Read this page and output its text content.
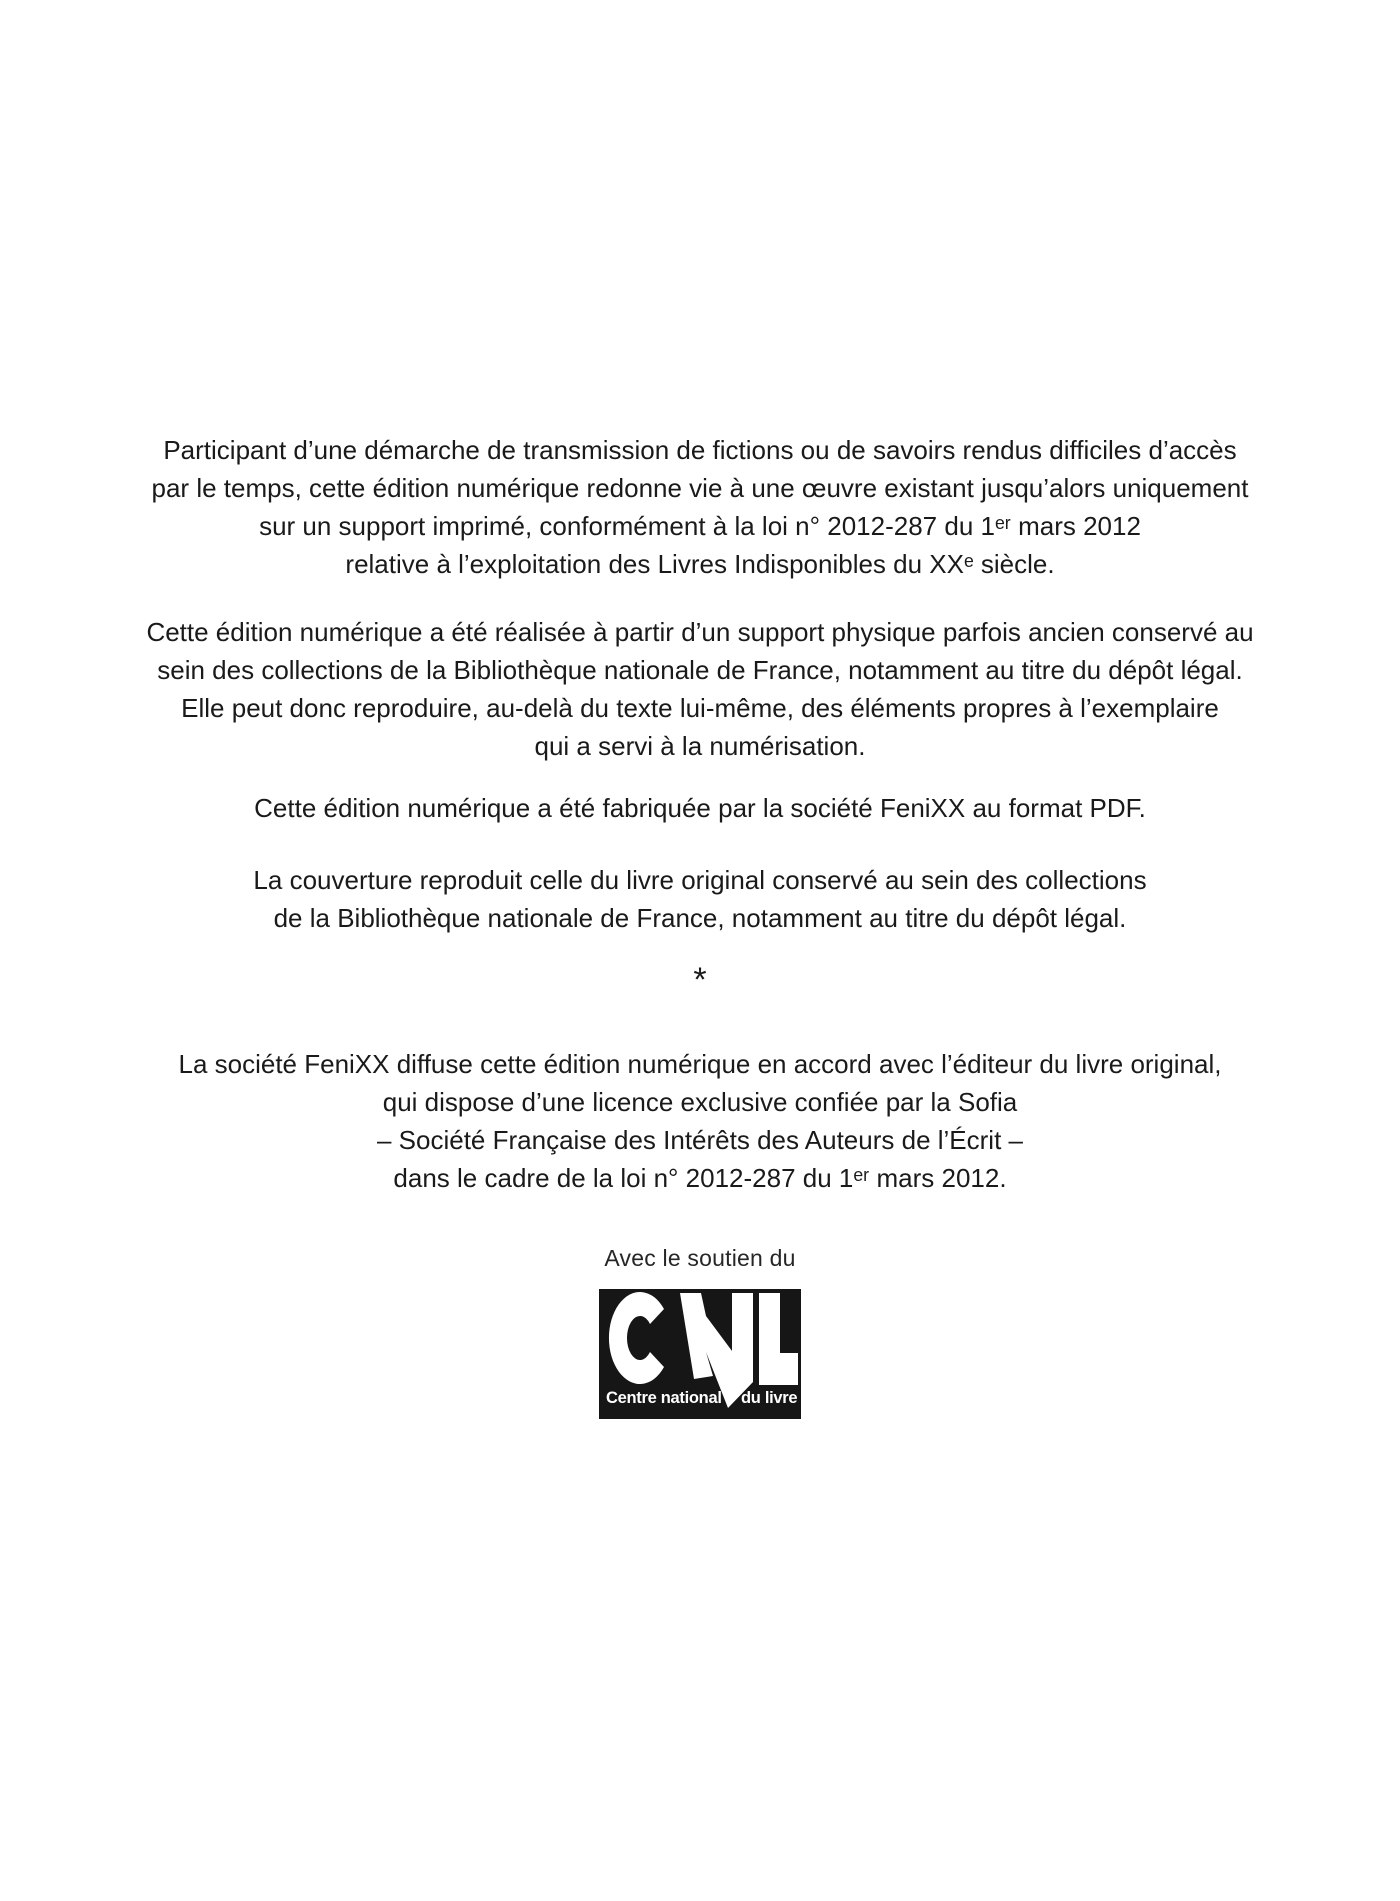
Participant d’une démarche de transmission de fictions ou de savoirs rendus difficiles d’accès
par le temps, cette édition numérique redonne vie à une œuvre existant jusqu’alors uniquement
sur un support imprimé, conformément à la loi n° 2012-287 du 1ᵉʳ mars 2012
relative à l’exploitation des Livres Indisponibles du XXᵉ siècle.

Cette édition numérique a été réalisée à partir d’un support physique parfois ancien conservé au
sein des collections de la Bibliothèque nationale de France, notamment au titre du dépôt légal.
Elle peut donc reproduire, au-delà du texte lui-même, des éléments propres à l’exemplaire
qui a servi à la numérisation.

Cette édition numérique a été fabriquée par la société FeniXX au format PDF.

La couverture reproduit celle du livre original conservé au sein des collections
de la Bibliothèque nationale de France, notamment au titre du dépôt légal.

*

La société FeniXX diffuse cette édition numérique en accord avec l’éditeur du livre original,
qui dispose d’une licence exclusive confiée par la Sofia
– Société Française des Intérêts des Auteurs de l’Écrit –
dans le cadre de la loi n° 2012-287 du 1ᵉʳ mars 2012.

Avec le soutien du
Centre national du livre
